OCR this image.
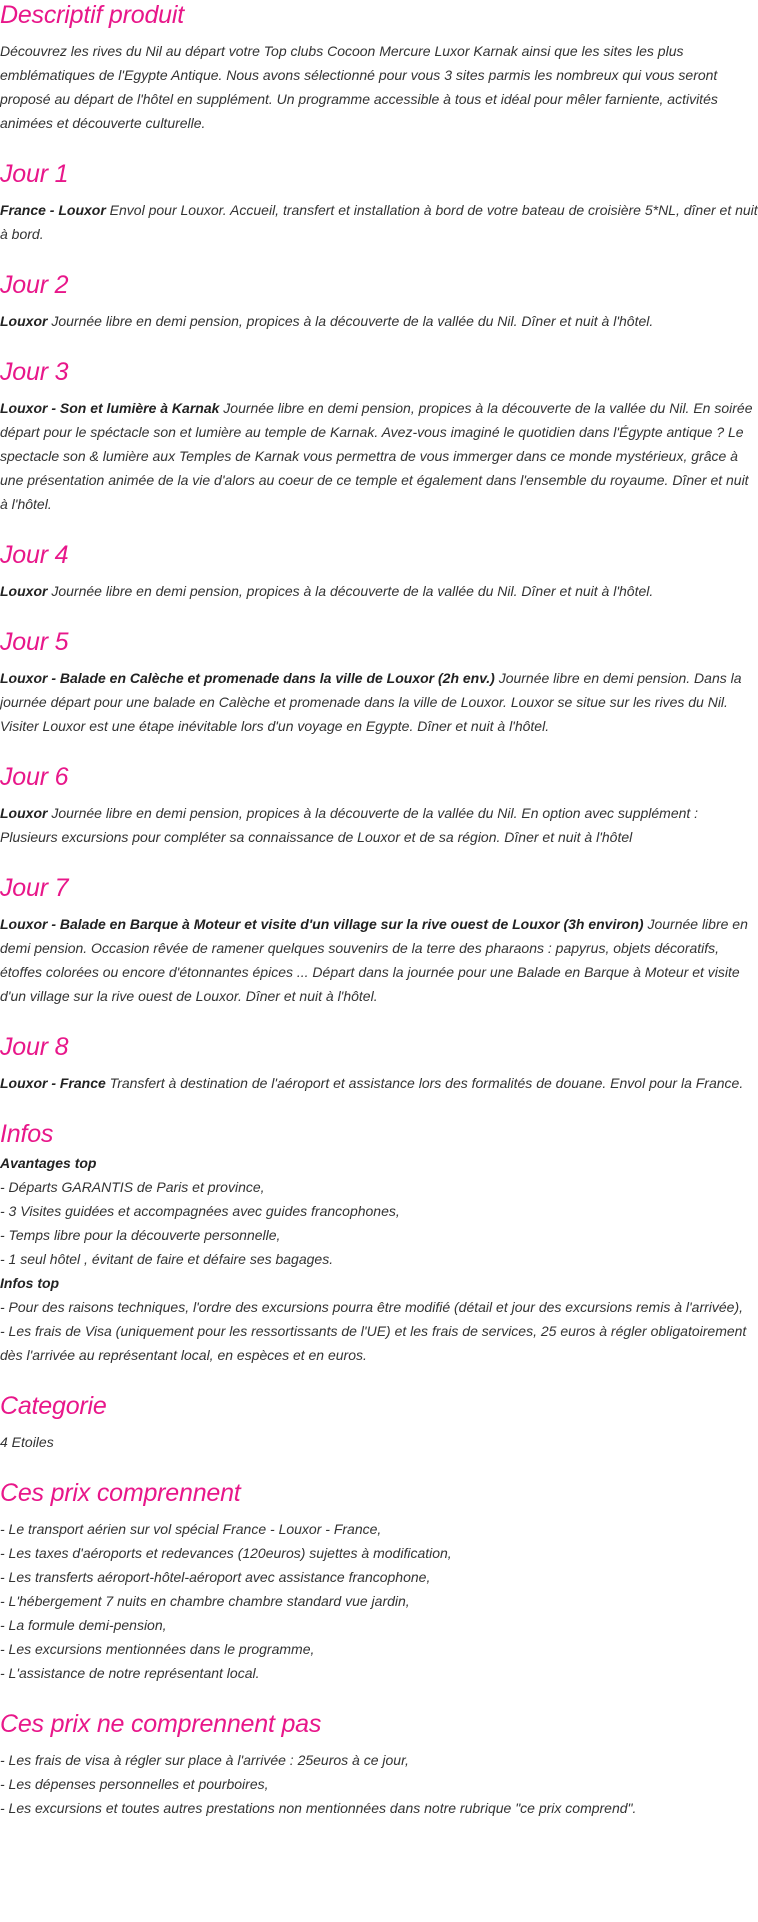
Descriptif produit

Découvrez les rives du Nil au départ votre Top clubs Cocoon Mercure Luxor Karnak ainsi que les sites les plus emblématiques de l'Egypte Antique. Nous avons sélectionné pour vous 3 sites parmis les nombreux qui vous seront proposé au départ de l'hôtel en supplément. Un programme accessible à tous et idéal pour mêler farniente, activités animées et découverte culturelle.

Jour 1

France - Louxor Envol pour Louxor. Accueil, transfert et installation à bord de votre bateau de croisière 5*NL, dîner et nuit à bord.

Jour 2

Louxor Journée libre en demi pension, propices à la découverte de la vallée du Nil. Dîner et nuit à l'hôtel.

Jour 3

Louxor - Son et lumière à Karnak Journée libre en demi pension, propices à la découverte de la vallée du Nil. En soirée départ pour le spéctacle son et lumière au temple de Karnak. Avez-vous imaginé le quotidien dans l'Égypte antique ? Le spectacle son & lumière aux Temples de Karnak vous permettra de vous immerger dans ce monde mystérieux, grâce à une présentation animée de la vie d'alors au coeur de ce temple et également dans l'ensemble du royaume. Dîner et nuit à l'hôtel.

Jour 4

Louxor Journée libre en demi pension, propices à la découverte de la vallée du Nil. Dîner et nuit à l'hôtel.

Jour 5

Louxor - Balade en Calèche et promenade dans la ville de Louxor (2h env.) Journée libre en demi pension. Dans la journée départ pour une balade en Calèche et promenade dans la ville de Louxor. Louxor se situe sur les rives du Nil. Visiter Louxor est une étape inévitable lors d'un voyage en Egypte. Dîner et nuit à l'hôtel.

Jour 6

Louxor Journée libre en demi pension, propices à la découverte de la vallée du Nil. En option avec supplément : Plusieurs excursions pour compléter sa connaissance de Louxor et de sa région. Dîner et nuit à l'hôtel

Jour 7

Louxor - Balade en Barque à Moteur et visite d'un village sur la rive ouest de Louxor (3h environ) Journée libre en demi pension. Occasion rêvée de ramener quelques souvenirs de la terre des pharaons : papyrus, objets décoratifs, étoffes colorées ou encore d'étonnantes épices ... Départ dans la journée pour une Balade en Barque à Moteur et visite d'un village sur la rive ouest de Louxor. Dîner et nuit à l'hôtel.

Jour 8

Louxor - France Transfert à destination de l'aéroport et assistance lors des formalités de douane. Envol pour la France.

Infos
Avantages top
- Départs GARANTIS de Paris et province,
- 3 Visites guidées et accompagnées avec guides francophones,
- Temps libre pour la découverte personnelle,
- 1 seul hôtel , évitant de faire et défaire ses bagages.
Infos top
- Pour des raisons techniques, l'ordre des excursions pourra être modifié (détail et jour des excursions remis à l'arrivée),
- Les frais de Visa (uniquement pour les ressortissants de l'UE) et les frais de services, 25 euros à régler obligatoirement dès l'arrivée au représentant local, en espèces et en euros.
Categorie

4 Etoiles

Ces prix comprennent
- Le transport aérien sur vol spécial France - Louxor - France,
- Les taxes d'aéroports et redevances (120euros) sujettes à modification,
- Les transferts aéroport-hôtel-aéroport avec assistance francophone,
- L'hébergement 7 nuits en chambre chambre standard vue jardin,
- La formule demi-pension,
- Les excursions mentionnées dans le programme,
- L'assistance de notre représentant local.
Ces prix ne comprennent pas
- Les frais de visa à régler sur place à l'arrivée : 25euros à ce jour,
- Les dépenses personnelles et pourboires,
- Les excursions et toutes autres prestations non mentionnées dans notre rubrique "ce prix comprend".
